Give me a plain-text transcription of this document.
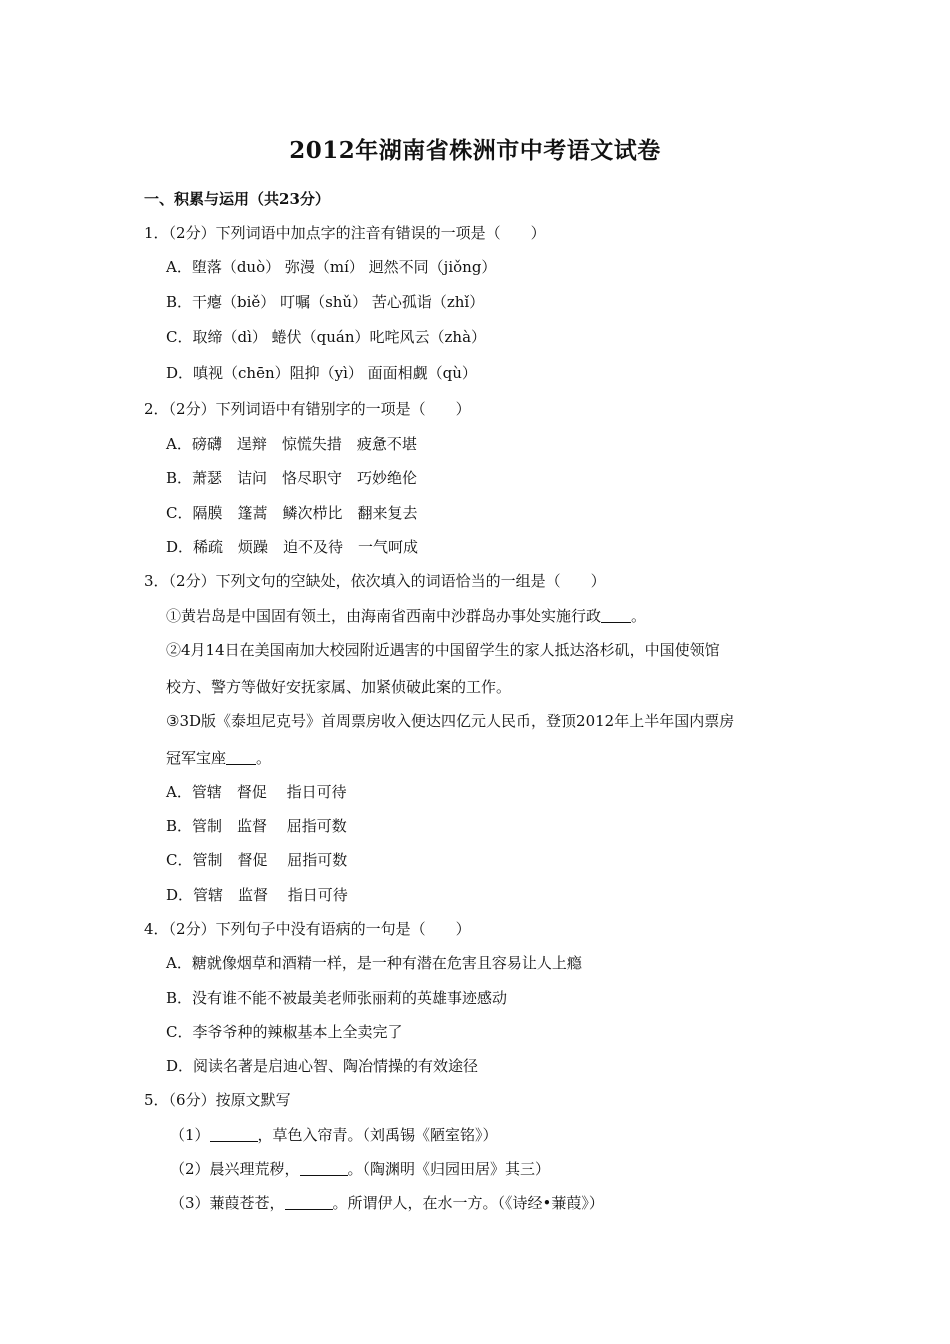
2012年湖南省株洲市中考语文试卷
一、积累与运用（共23分）
1．（2分）下列词语中加点字的注音有错误的一项是（　　）
A．堕落（duò） 弥漫（mí） 迥然不同（jiǒng）
B．干瘪（biě） 叮嘱（shǔ） 苦心孤诣（zhǐ）
C．取缔（dì） 蜷伏（quán）叱咤风云（zhà）
D．嗔视（chēn）阻抑（yì） 面面相觑（qù）
2．（2分）下列词语中有错别字的一项是（　　）
A．磅礴　逞辩　惊慌失措　疲惫不堪
B．萧瑟　诘问　恪尽职守　巧妙绝伦
C．隔膜　篷蒿　鳞次栉比　翻来复去
D．稀疏　烦躁　迫不及待　一气呵成
3．（2分）下列文句的空缺处，依次填入的词语恰当的一组是（　　）
①黄岩岛是中国固有领土，由海南省西南中沙群岛办事处实施行政 。
②4月14日在美国南加大校园附近遇害的中国留学生的家人抵达洛杉矶，中国使领馆
校方、警方等做好安抚家属、加紧侦破此案的工作。
③3D版《泰坦尼克号》首周票房收入便达四亿元人民币，登顶2012年上半年国内票房
冠军宝座 。
A．管辖　督促　 指日可待
B．管制　监督　 屈指可数
C．管制　督促　 屈指可数
D．管辖　监督　 指日可待
4．（2分）下列句子中没有语病的一句是（　　）
A．糖就像烟草和酒精一样，是一种有潜在危害且容易让人上瘾
B．没有谁不能不被最美老师张丽莉的英雄事迹感动
C．李爷爷种的辣椒基本上全卖完了
D．阅读名著是启迪心智、陶冶情操的有效途径
5．（6分）按原文默写
（1）	，草色入帘青。（刘禹锡《陋室铭》）
（2）晨兴理荒秽，	。（陶渊明《归园田居》其三）
（3）蒹葭苍苍，	。所谓伊人，在水一方。（《诗经•蒹葭》）
